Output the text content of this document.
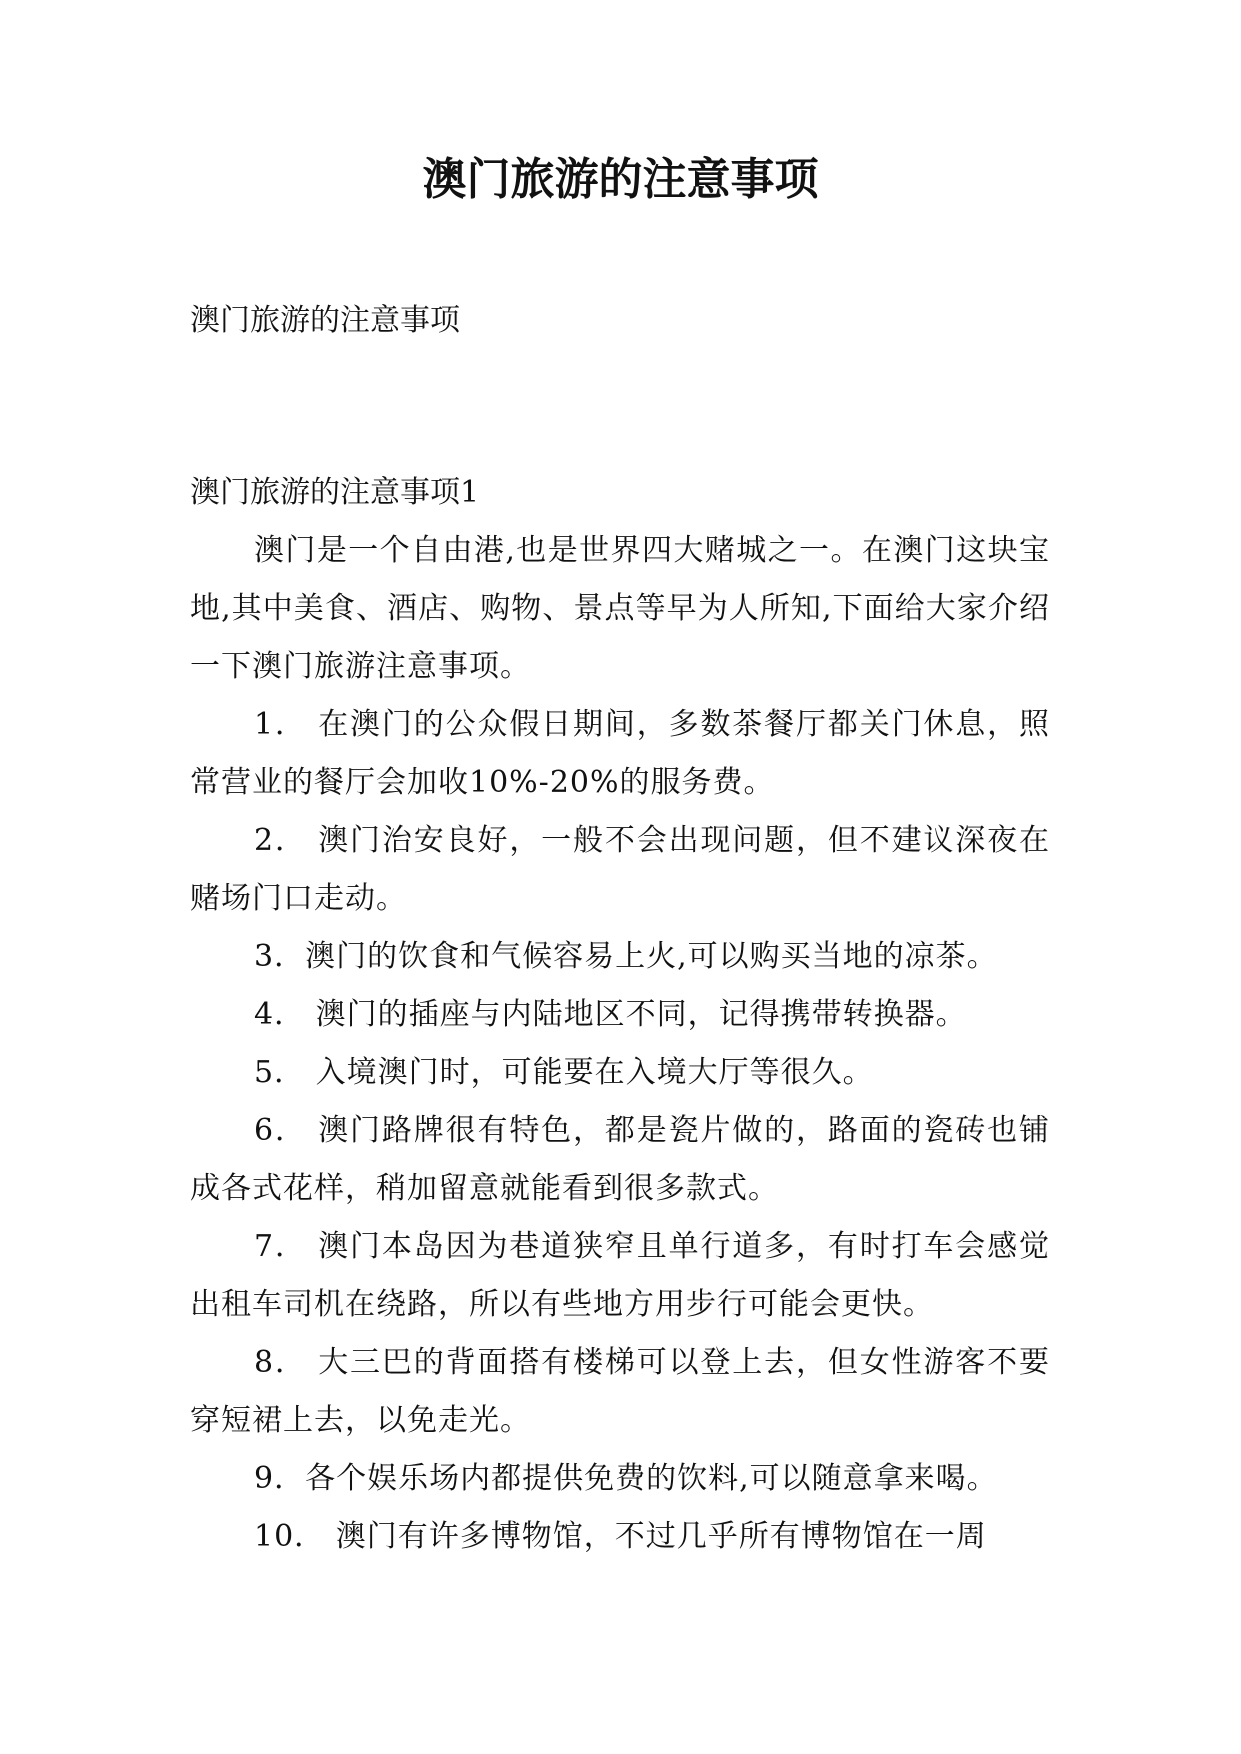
澳门旅游的注意事项

澳门旅游的注意事项

澳门旅游的注意事项1

澳门是一个自由港,也是世界四大赌城之一。在澳门这块宝地,其中美食、酒店、购物、景点等早为人所知,下面给大家介绍一下澳门旅游注意事项。

1． 在澳门的公众假日期间，多数茶餐厅都关门休息，照常营业的餐厅会加收10%-20%的服务费。

2． 澳门治安良好，一般不会出现问题，但不建议深夜在赌场门口走动。

3．澳门的饮食和气候容易上火,可以购买当地的凉茶。

4． 澳门的插座与内陆地区不同，记得携带转换器。

5． 入境澳门时，可能要在入境大厅等很久。

6． 澳门路牌很有特色，都是瓷片做的，路面的瓷砖也铺成各式花样，稍加留意就能看到很多款式。

7． 澳门本岛因为巷道狭窄且单行道多，有时打车会感觉出租车司机在绕路，所以有些地方用步行可能会更快。

8． 大三巴的背面搭有楼梯可以登上去，但女性游客不要穿短裙上去，以免走光。

9．各个娱乐场内都提供免费的饮料,可以随意拿来喝。

10． 澳门有许多博物馆，不过几乎所有博物馆在一周
